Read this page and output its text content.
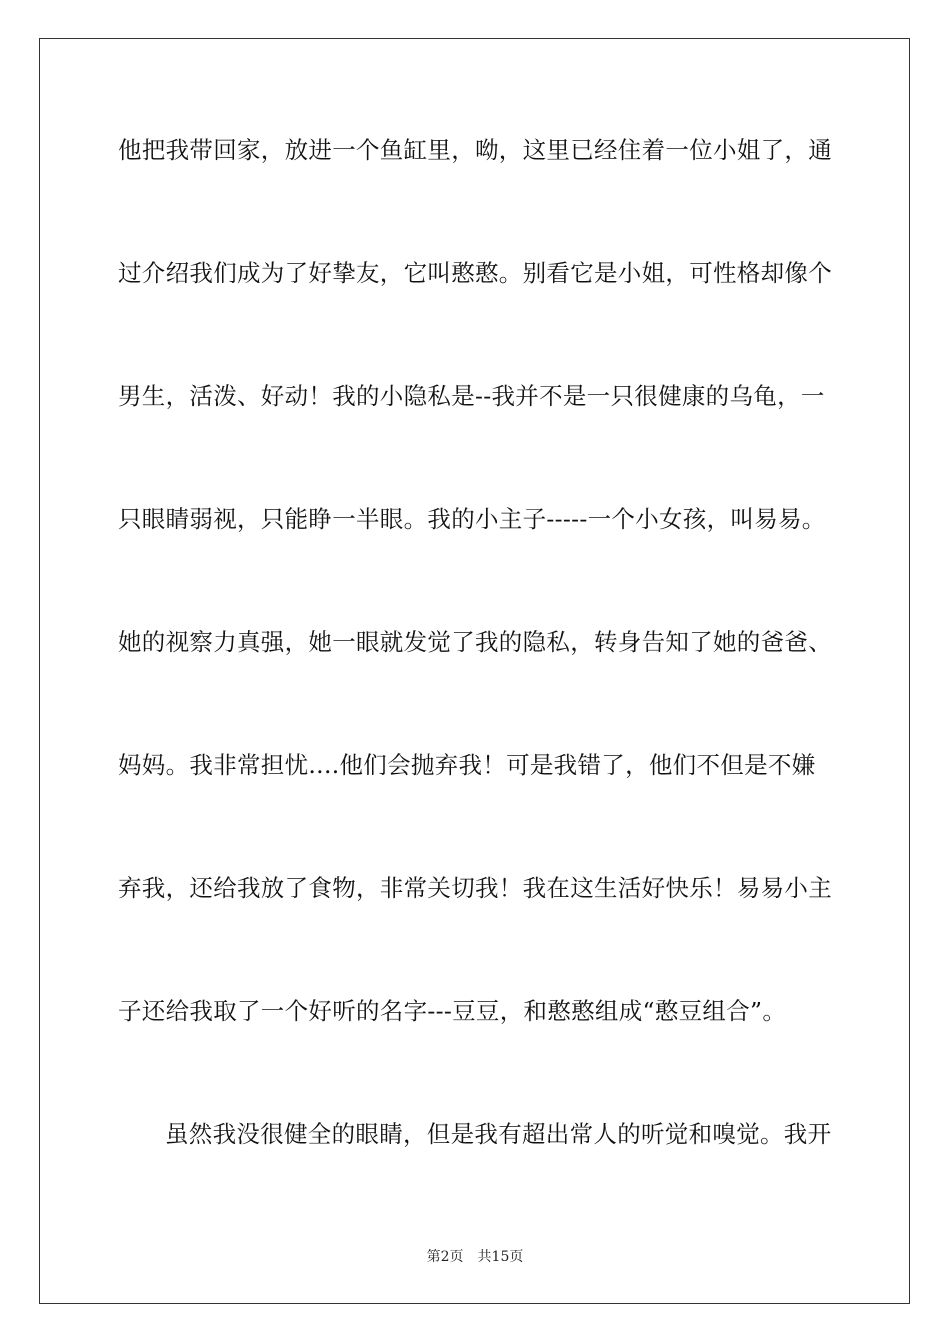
他把我带回家，放进一个鱼缸里，呦，这里已经住着一位小姐了，通

过介绍我们成为了好挚友，它叫憨憨。别看它是小姐，可性格却像个

男生，活泼、好动！我的小隐私是--我并不是一只很健康的乌龟，一

只眼睛弱视，只能睁一半眼。我的小主子-----一个小女孩，叫易易。

她的视察力真强，她一眼就发觉了我的隐私，转身告知了她的爸爸、

妈妈。我非常担忧....他们会抛弃我！可是我错了，他们不但是不嫌

弃我，还给我放了食物，非常关切我！我在这生活好快乐！易易小主

子还给我取了一个好听的名字---豆豆，和憨憨组成“憨豆组合”。

虽然我没很健全的眼睛，但是我有超出常人的听觉和嗅觉。我开

第2页 共15页
